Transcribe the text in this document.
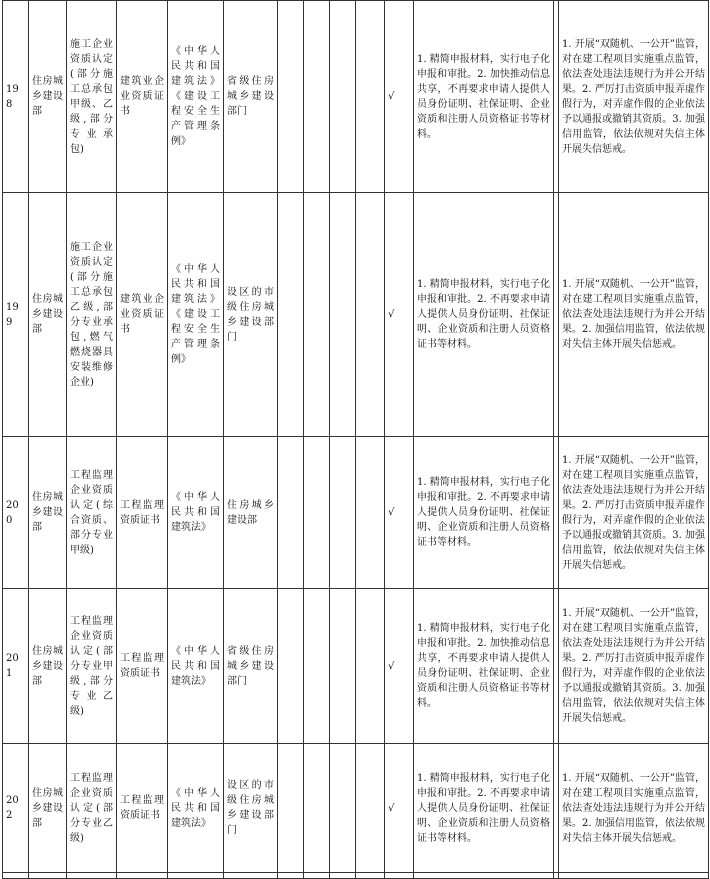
198	住房城乡建设部	施工企业资质认定(部分施工总承包甲级、乙级,部分专业承包)	建筑业企业资质证书	《中华人民共和国建筑法》《建设工程安全生产管理条例》	省级住房城乡建设部门					√	1. 精简申报材料，实行电子化申报和审批。2. 加快推动信息共享，不再要求申请人提供人员身份证明、社保证明、企业资质和注册人员资格证书等材料。		1. 开展“双随机、一公开”监管，对在建工程项目实施重点监管，依法查处违法违规行为并公开结果。2. 严厉打击资质申报弄虚作假行为，对弄虚作假的企业依法予以通报或撤销其资质。3. 加强信用监管，依法依规对失信主体开展失信惩戒。
199	住房城乡建设部	施工企业资质认定(部分施工总承包乙级,部分专业承包,燃气燃烧器具安装维修企业)	建筑业企业资质证书	《中华人民共和国建筑法》《建设工程安全生产管理条例》	设区的市级住房城乡建设部门					√	1. 精简申报材料，实行电子化申报和审批。2. 不再要求申请人提供人员身份证明、社保证明、企业资质和注册人员资格证书等材料。		1. 开展“双随机、一公开”监管，对在建工程项目实施重点监管，依法查处违法违规行为并公开结果。2. 加强信用监管，依法依规对失信主体开展失信惩戒。
200	住房城乡建设部	工程监理企业资质认定(综合资质、部分专业甲级)	工程监理资质证书	《中华人民共和国建筑法》	住房城乡建设部					√	1. 精简申报材料，实行电子化申报和审批。2. 不再要求申请人提供人员身份证明、社保证明、企业资质和注册人员资格证书等材料。		1. 开展“双随机、一公开”监管，对在建工程项目实施重点监管，依法查处违法违规行为并公开结果。2. 严厉打击资质申报弄虚作假行为，对弄虚作假的企业依法予以通报或撤销其资质。3. 加强信用监管，依法依规对失信主体开展失信惩戒。
201	住房城乡建设部	工程监理企业资质认定(部分专业甲级,部分专业乙级)	工程监理资质证书	《中华人民共和国建筑法》	省级住房城乡建设部门					√	1. 精简申报材料，实行电子化申报和审批。2. 加快推动信息共享，不再要求申请人提供人员身份证明、社保证明、企业资质和注册人员资格证书等材料。		1. 开展“双随机、一公开”监管，对在建工程项目实施重点监管，依法查处违法违规行为并公开结果。2. 严厉打击资质申报弄虚作假行为，对弄虚作假的企业依法予以通报或撤销其资质。3. 加强信用监管，依法依规对失信主体开展失信惩戒。
202	住房城乡建设部	工程监理企业资质认定(部分专业乙级)	工程监理资质证书	《中华人民共和国建筑法》	设区的市级住房城乡建设部门					√	1. 精简申报材料，实行电子化申报和审批。2. 不再要求申请人提供人员身份证明、社保证明、企业资质和注册人员资格证书等材料。		1. 开展“双随机、一公开”监管，对在建工程项目实施重点监管，依法查处违法违规行为并公开结果。2. 加强信用监管，依法依规对失信主体开展失信惩戒。
